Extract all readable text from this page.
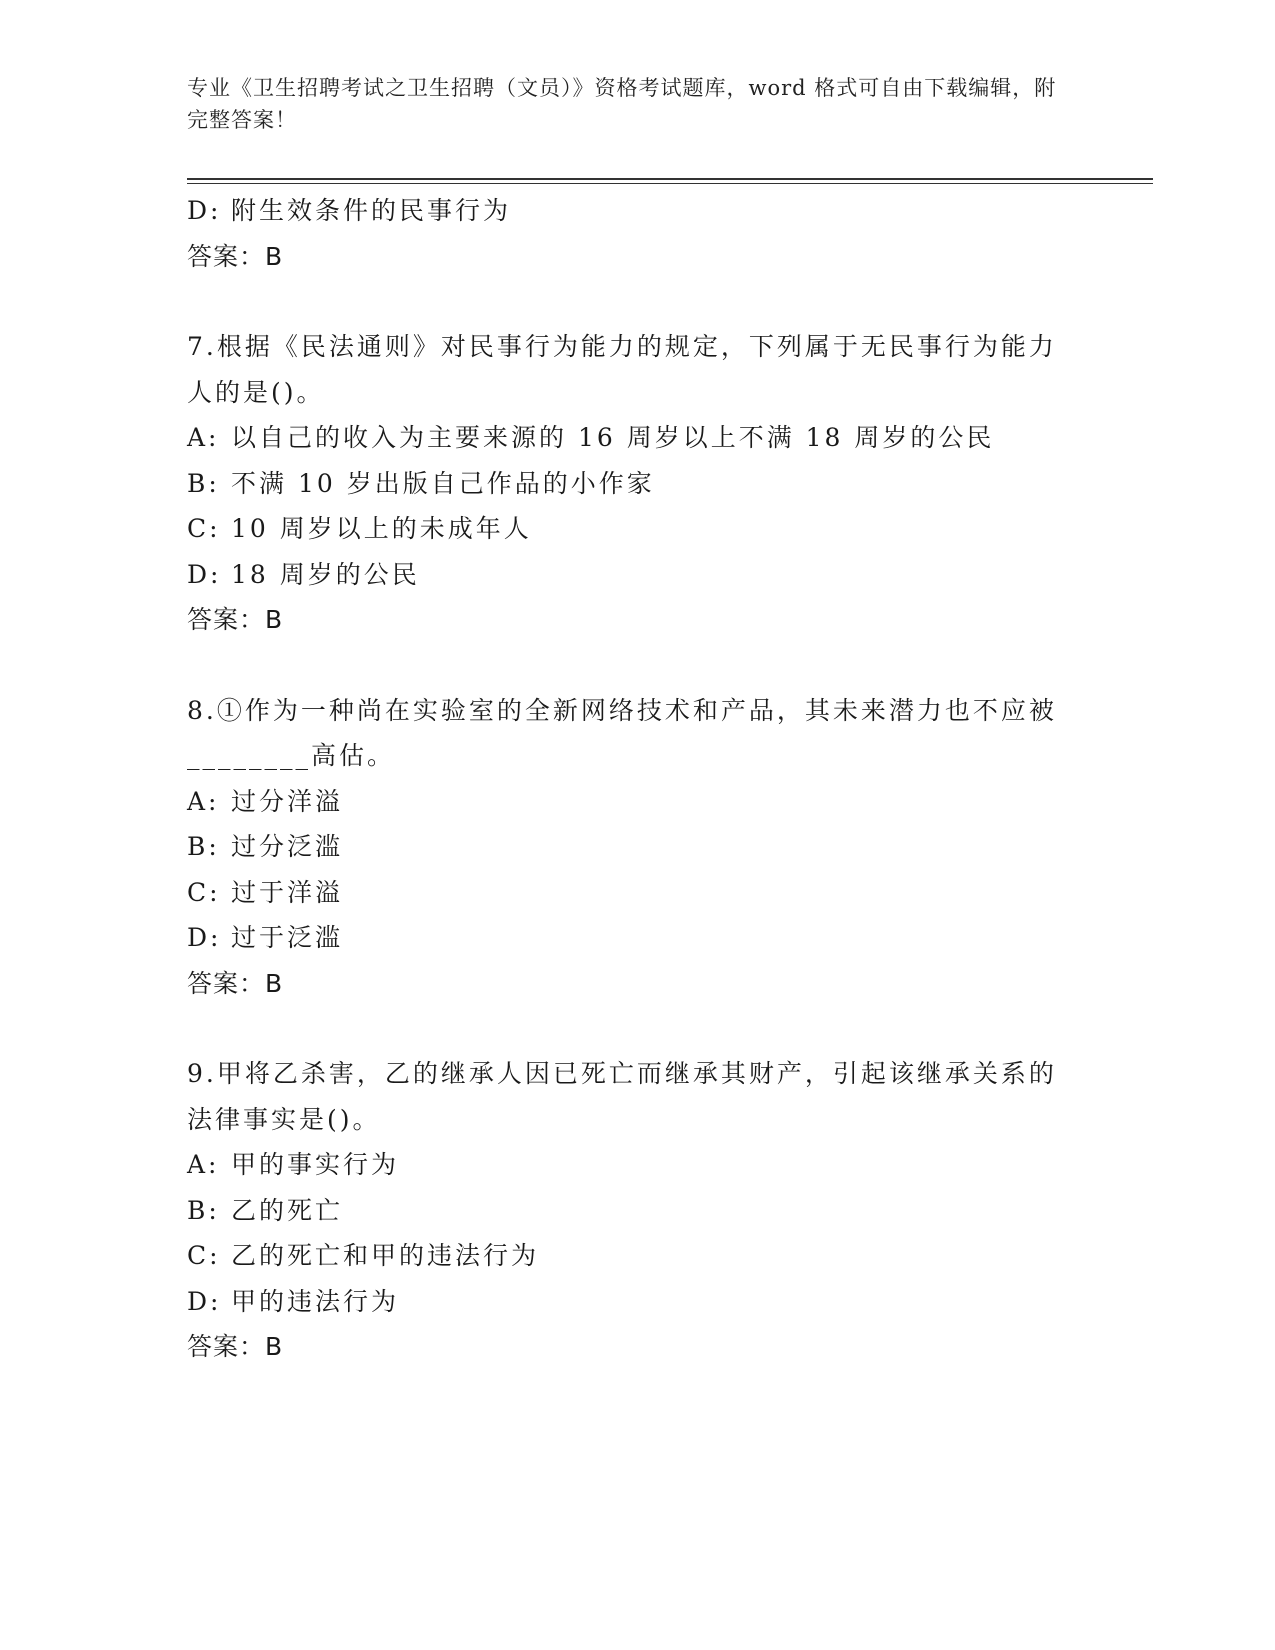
专业《卫生招聘考试之卫生招聘（文员）》资格考试题库，word 格式可自由下载编辑，附完整答案！
D: 附生效条件的民事行为
答案：B
7.根据《民法通则》对民事行为能力的规定，下列属于无民事行为能力人的是()。
A: 以自己的收入为主要来源的 16 周岁以上不满 18 周岁的公民
B: 不满 10 岁出版自己作品的小作家
C: 10 周岁以上的未成年人
D: 18 周岁的公民
答案：B
8.①作为一种尚在实验室的全新网络技术和产品，其未来潜力也不应被________高估。
A: 过分洋溢
B: 过分泛滥
C: 过于洋溢
D: 过于泛滥
答案：B
9.甲将乙杀害，乙的继承人因已死亡而继承其财产，引起该继承关系的法律事实是()。
A: 甲的事实行为
B: 乙的死亡
C: 乙的死亡和甲的违法行为
D: 甲的违法行为
答案：B
